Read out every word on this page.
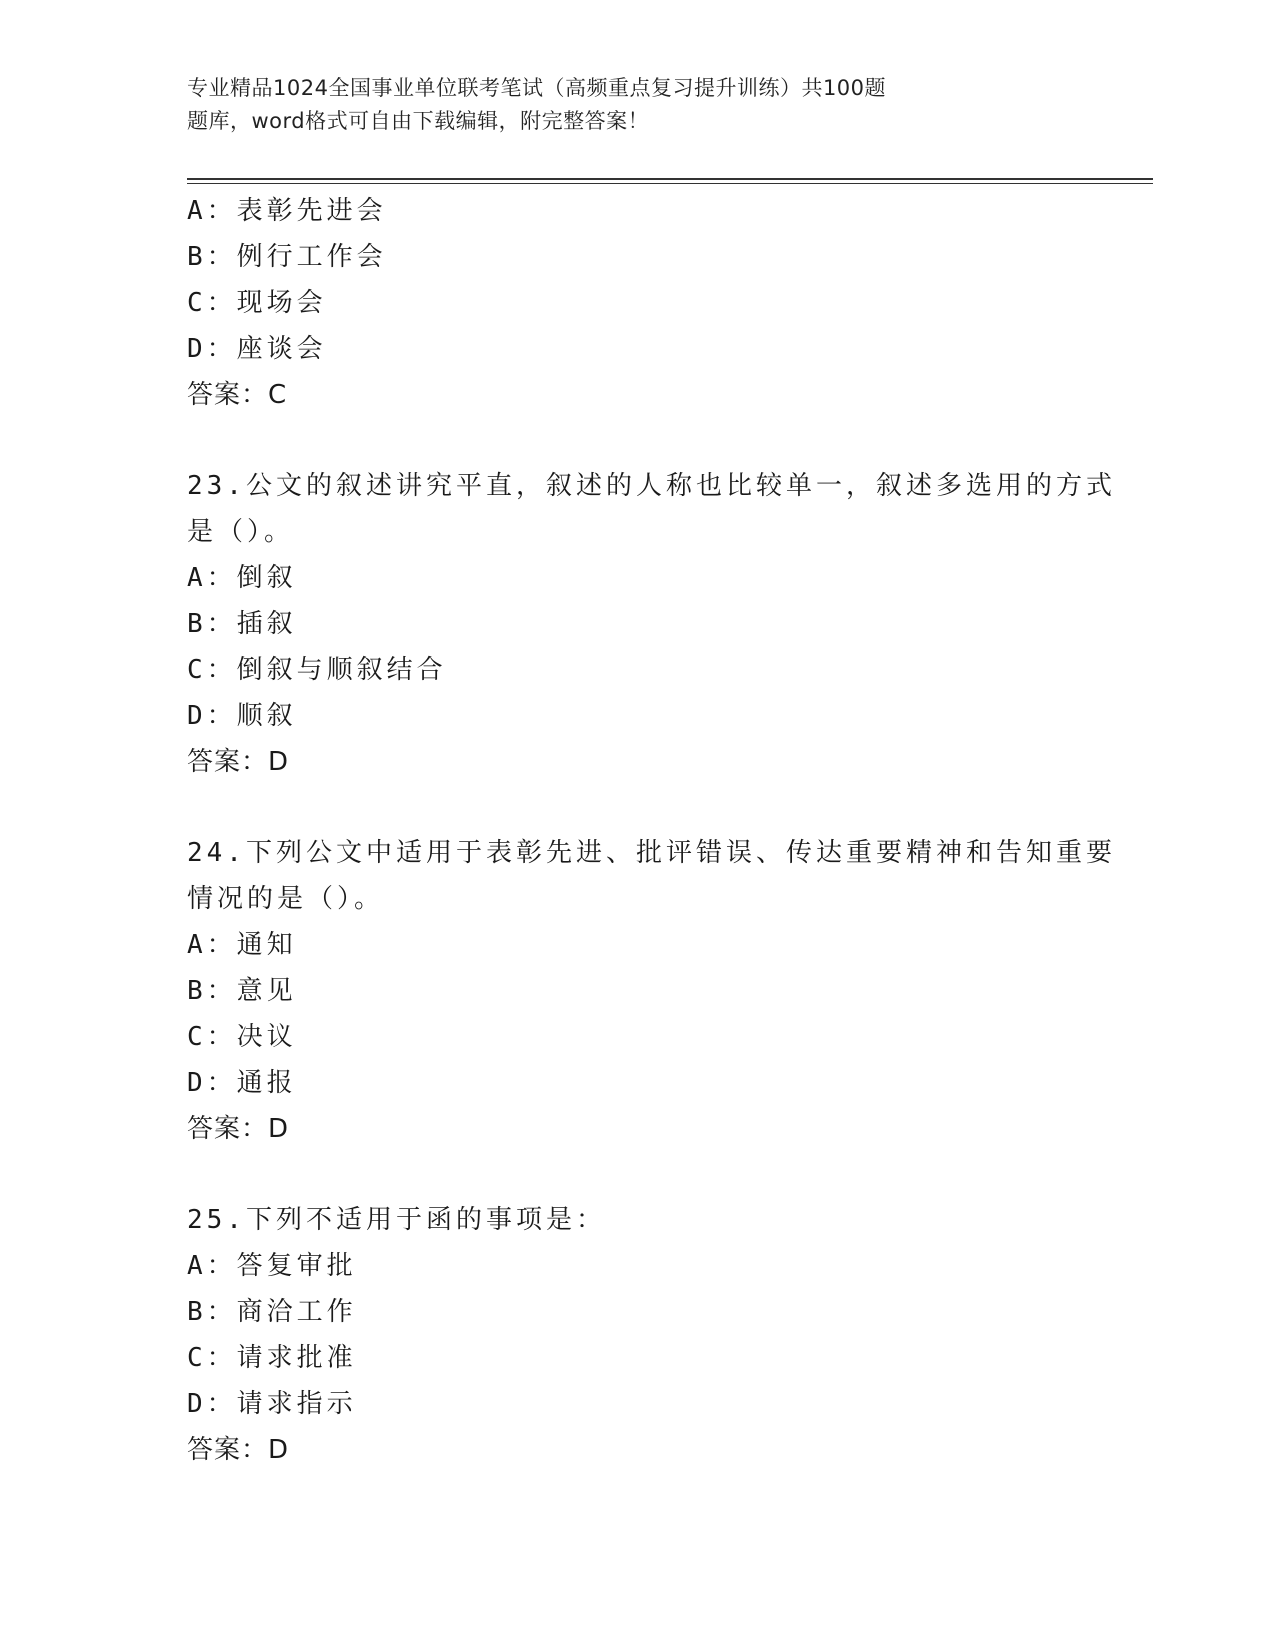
专业精品1024全国事业单位联考笔试（高频重点复习提升训练）共100题
题库，word格式可自由下载编辑，附完整答案！
A：表彰先进会
B：例行工作会
C：现场会
D：座谈会
答案：C
23.公文的叙述讲究平直，叙述的人称也比较单一，叙述多选用的方式
是（）。
A：倒叙
B：插叙
C：倒叙与顺叙结合
D：顺叙
答案：D
24.下列公文中适用于表彰先进、批评错误、传达重要精神和告知重要
情况的是（）。
A：通知
B：意见
C：决议
D：通报
答案：D
25.下列不适用于函的事项是：
A：答复审批
B：商洽工作
C：请求批准
D：请求指示
答案：D
